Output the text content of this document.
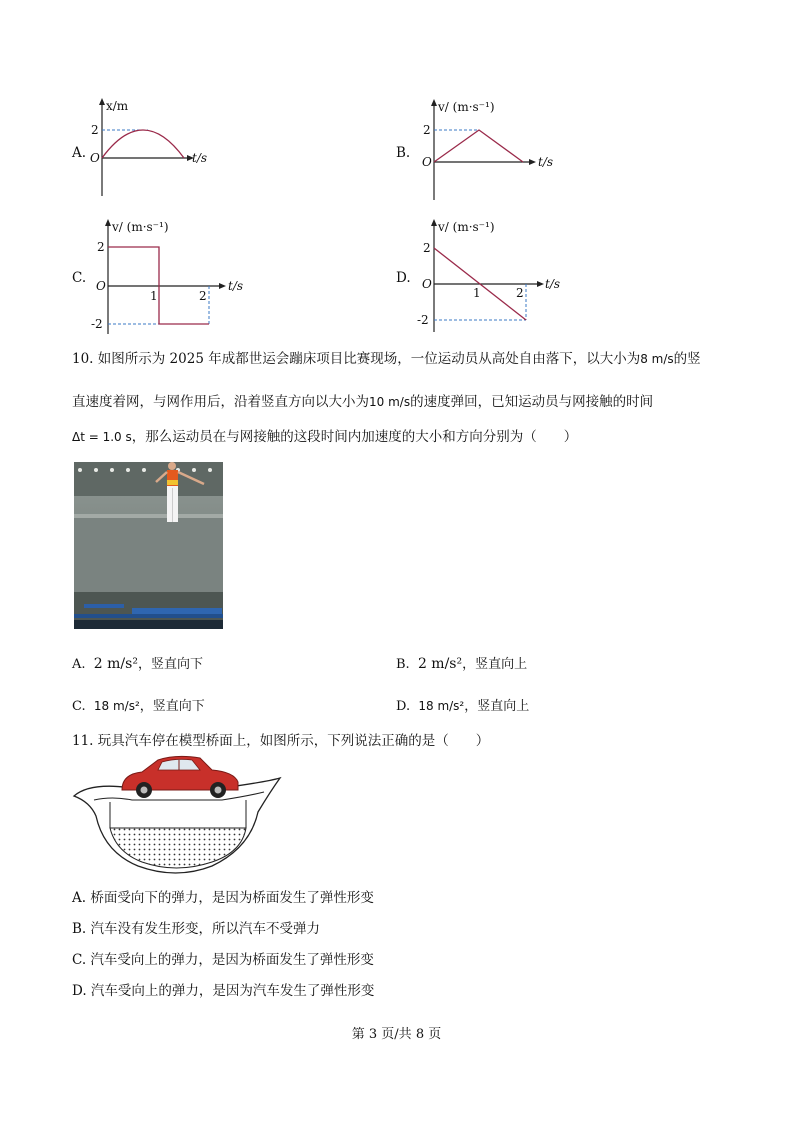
A.
x/m
t/s
O
2
B.
v/ (m·s⁻¹)
t/s
O
2
C.
v/ (m·s⁻¹)
t/s
O
2
-2
1	2
D.
v/ (m·s⁻¹)
t/s
O
2
-2
1	2
10. 如图所示为 2025 年成都世运会蹦床项目比赛现场，一位运动员从高处自由落下，以大小为8 m/s的竖
直速度着网，与网作用后，沿着竖直方向以大小为10 m/s的速度弹回，已知运动员与网接触的时间
Δt = 1.0 s，那么运动员在与网接触的这段时间内加速度的大小和方向分别为（　　）
A. 2 m/s²，竖直向下	B. 2 m/s²，竖直向上
C. 18 m/s²，竖直向下	D. 18 m/s²，竖直向上
11. 玩具汽车停在模型桥面上，如图所示，下列说法正确的是（　　）
A. 桥面受向下的弹力，是因为桥面发生了弹性形变
B. 汽车没有发生形变，所以汽车不受弹力
C. 汽车受向上的弹力，是因为桥面发生了弹性形变
D. 汽车受向上的弹力，是因为汽车发生了弹性形变
第 3 页/共 8 页
